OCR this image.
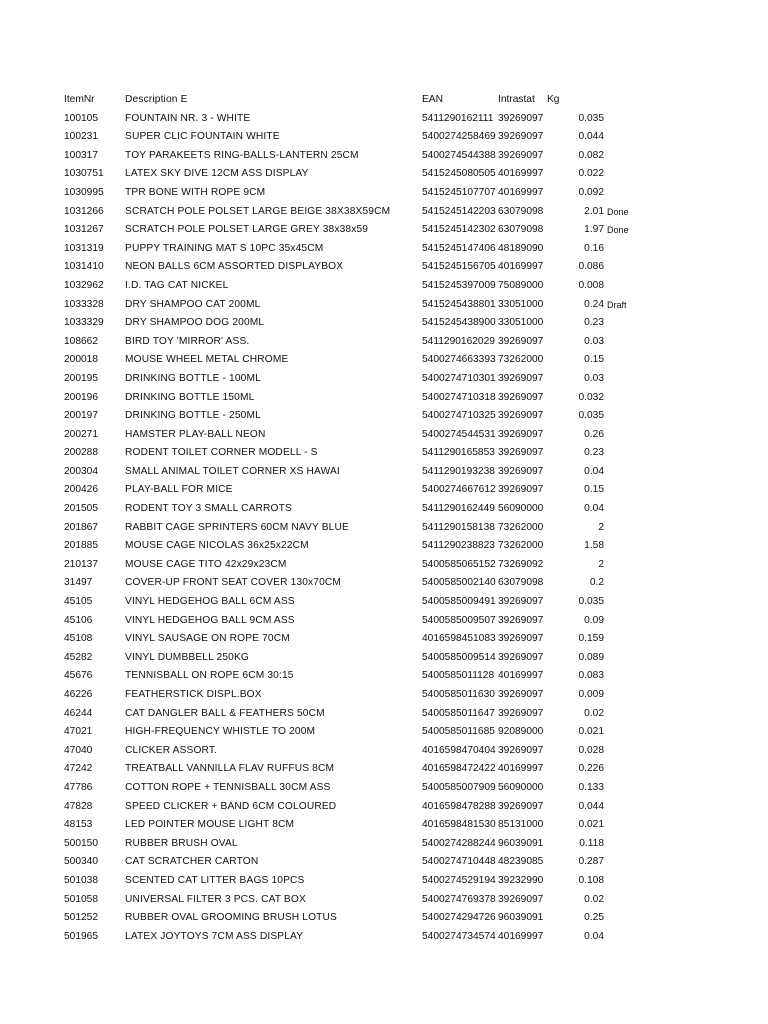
ItemNr	Description E	EAN	Intrastat Kg
100105	FOUNTAIN NR. 3 - WHITE	5411290162111 39269097	0.035
100231	SUPER CLIC FOUNTAIN WHITE	5400274258469 39269097	0.044
100317	TOY PARAKEETS RING-BALLS-LANTERN 25CM	5400274544388 39269097	0.082
1030751 LATEX SKY DIVE 12CM ASS DISPLAY	5415245080505 40169997	0.022
1030995 TPR BONE WITH ROPE 9CM	5415245107707 40169997	0.092
1031266 SCRATCH POLE POLSET LARGE BEIGE 38X38X59CM	5415245142203 63079098	2.01 Done
1031267 SCRATCH POLE POLSET LARGE GREY 38x38x59	5415245142302 63079098	1.97 Done
1031319 PUPPY TRAINING MAT S 10PC 35x45CM	5415245147406 48189090	0.16
1031410 NEON BALLS 6CM ASSORTED DISPLAYBOX	5415245156705 40169997	0.086
1032962 I.D. TAG CAT NICKEL	5415245397009 75089000	0.008
1033328 DRY SHAMPOO CAT 200ML	5415245438801 33051000	0.24 Draft
1033329 DRY SHAMPOO DOG 200ML	5415245438900 33051000	0.23
108662	BIRD TOY 'MIRROR' ASS.	5411290162029 39269097	0.03
200018	MOUSE WHEEL METAL CHROME	5400274663393 73262000	0.15
200195	DRINKING BOTTLE - 100ML	5400274710301 39269097	0.03
200196	DRINKING BOTTLE 150ML	5400274710318 39269097	0.032
200197	DRINKING BOTTLE - 250ML	5400274710325 39269097	0.035
200271	HAMSTER PLAY-BALL NEON	5400274544531 39269097	0.26
200288	RODENT TOILET CORNER MODELL - S	5411290165853 39269097	0.23
200304	SMALL ANIMAL TOILET CORNER XS HAWAI	5411290193238 39269097	0.04
200426	PLAY-BALL FOR MICE	5400274667612 39269097	0.15
201505	RODENT TOY 3 SMALL CARROTS	5411290162449 56090000	0.04
201867	RABBIT CAGE SPRINTERS 60CM NAVY BLUE	5411290158138 73262000	2
201885	MOUSE CAGE NICOLAS 36x25x22CM	5411290238823 73262000	1.58
210137	MOUSE CAGE TITO 42x29x23CM	5400585065152 73269092	2
31497	COVER-UP FRONT SEAT COVER 130x70CM	5400585002140 63079098	0.2
45105	VINYL HEDGEHOG BALL 6CM ASS	5400585009491 39269097	0.035
45106	VINYL HEDGEHOG BALL 9CM ASS	5400585009507 39269097	0.09
45108	VINYL SAUSAGE ON ROPE 70CM	4016598451083 39269097	0.159
45282	VINYL DUMBBELL 250KG	5400585009514 39269097	0.089
45676	TENNISBALL ON ROPE 6CM 30:15	5400585011128 40169997	0.083
46226	FEATHERSTICK DISPL.BOX	5400585011630 39269097	0.009
46244	CAT DANGLER BALL & FEATHERS 50CM	5400585011647 39269097	0.02
47021	HIGH-FREQUENCY WHISTLE TO 200M	5400585011685 92089000	0.021
47040	CLICKER ASSORT.	4016598470404 39269097	0.028
47242	TREATBALL VANNILLA FLAV RUFFUS 8CM	4016598472422 40169997	0.226
47786	COTTON ROPE + TENNISBALL 30CM ASS	5400585007909 56090000	0.133
47828	SPEED CLICKER + BAND 6CM COLOURED	4016598478288 39269097	0.044
48153	LED POINTER MOUSE LIGHT 8CM	4016598481530 85131000	0.021
500150	RUBBER BRUSH OVAL	5400274288244 96039091	0.118
500340	CAT SCRATCHER CARTON	5400274710448 48239085	0.287
501038	SCENTED CAT LITTER BAGS 10PCS	5400274529194 39232990	0.108
501058	UNIVERSAL FILTER 3 PCS. CAT BOX	5400274769378 39269097	0.02
501252	RUBBER OVAL GROOMING BRUSH LOTUS	5400274294726 96039091	0.25
501965	LATEX JOYTOYS 7CM ASS DISPLAY	5400274734574 40169997	0.04
